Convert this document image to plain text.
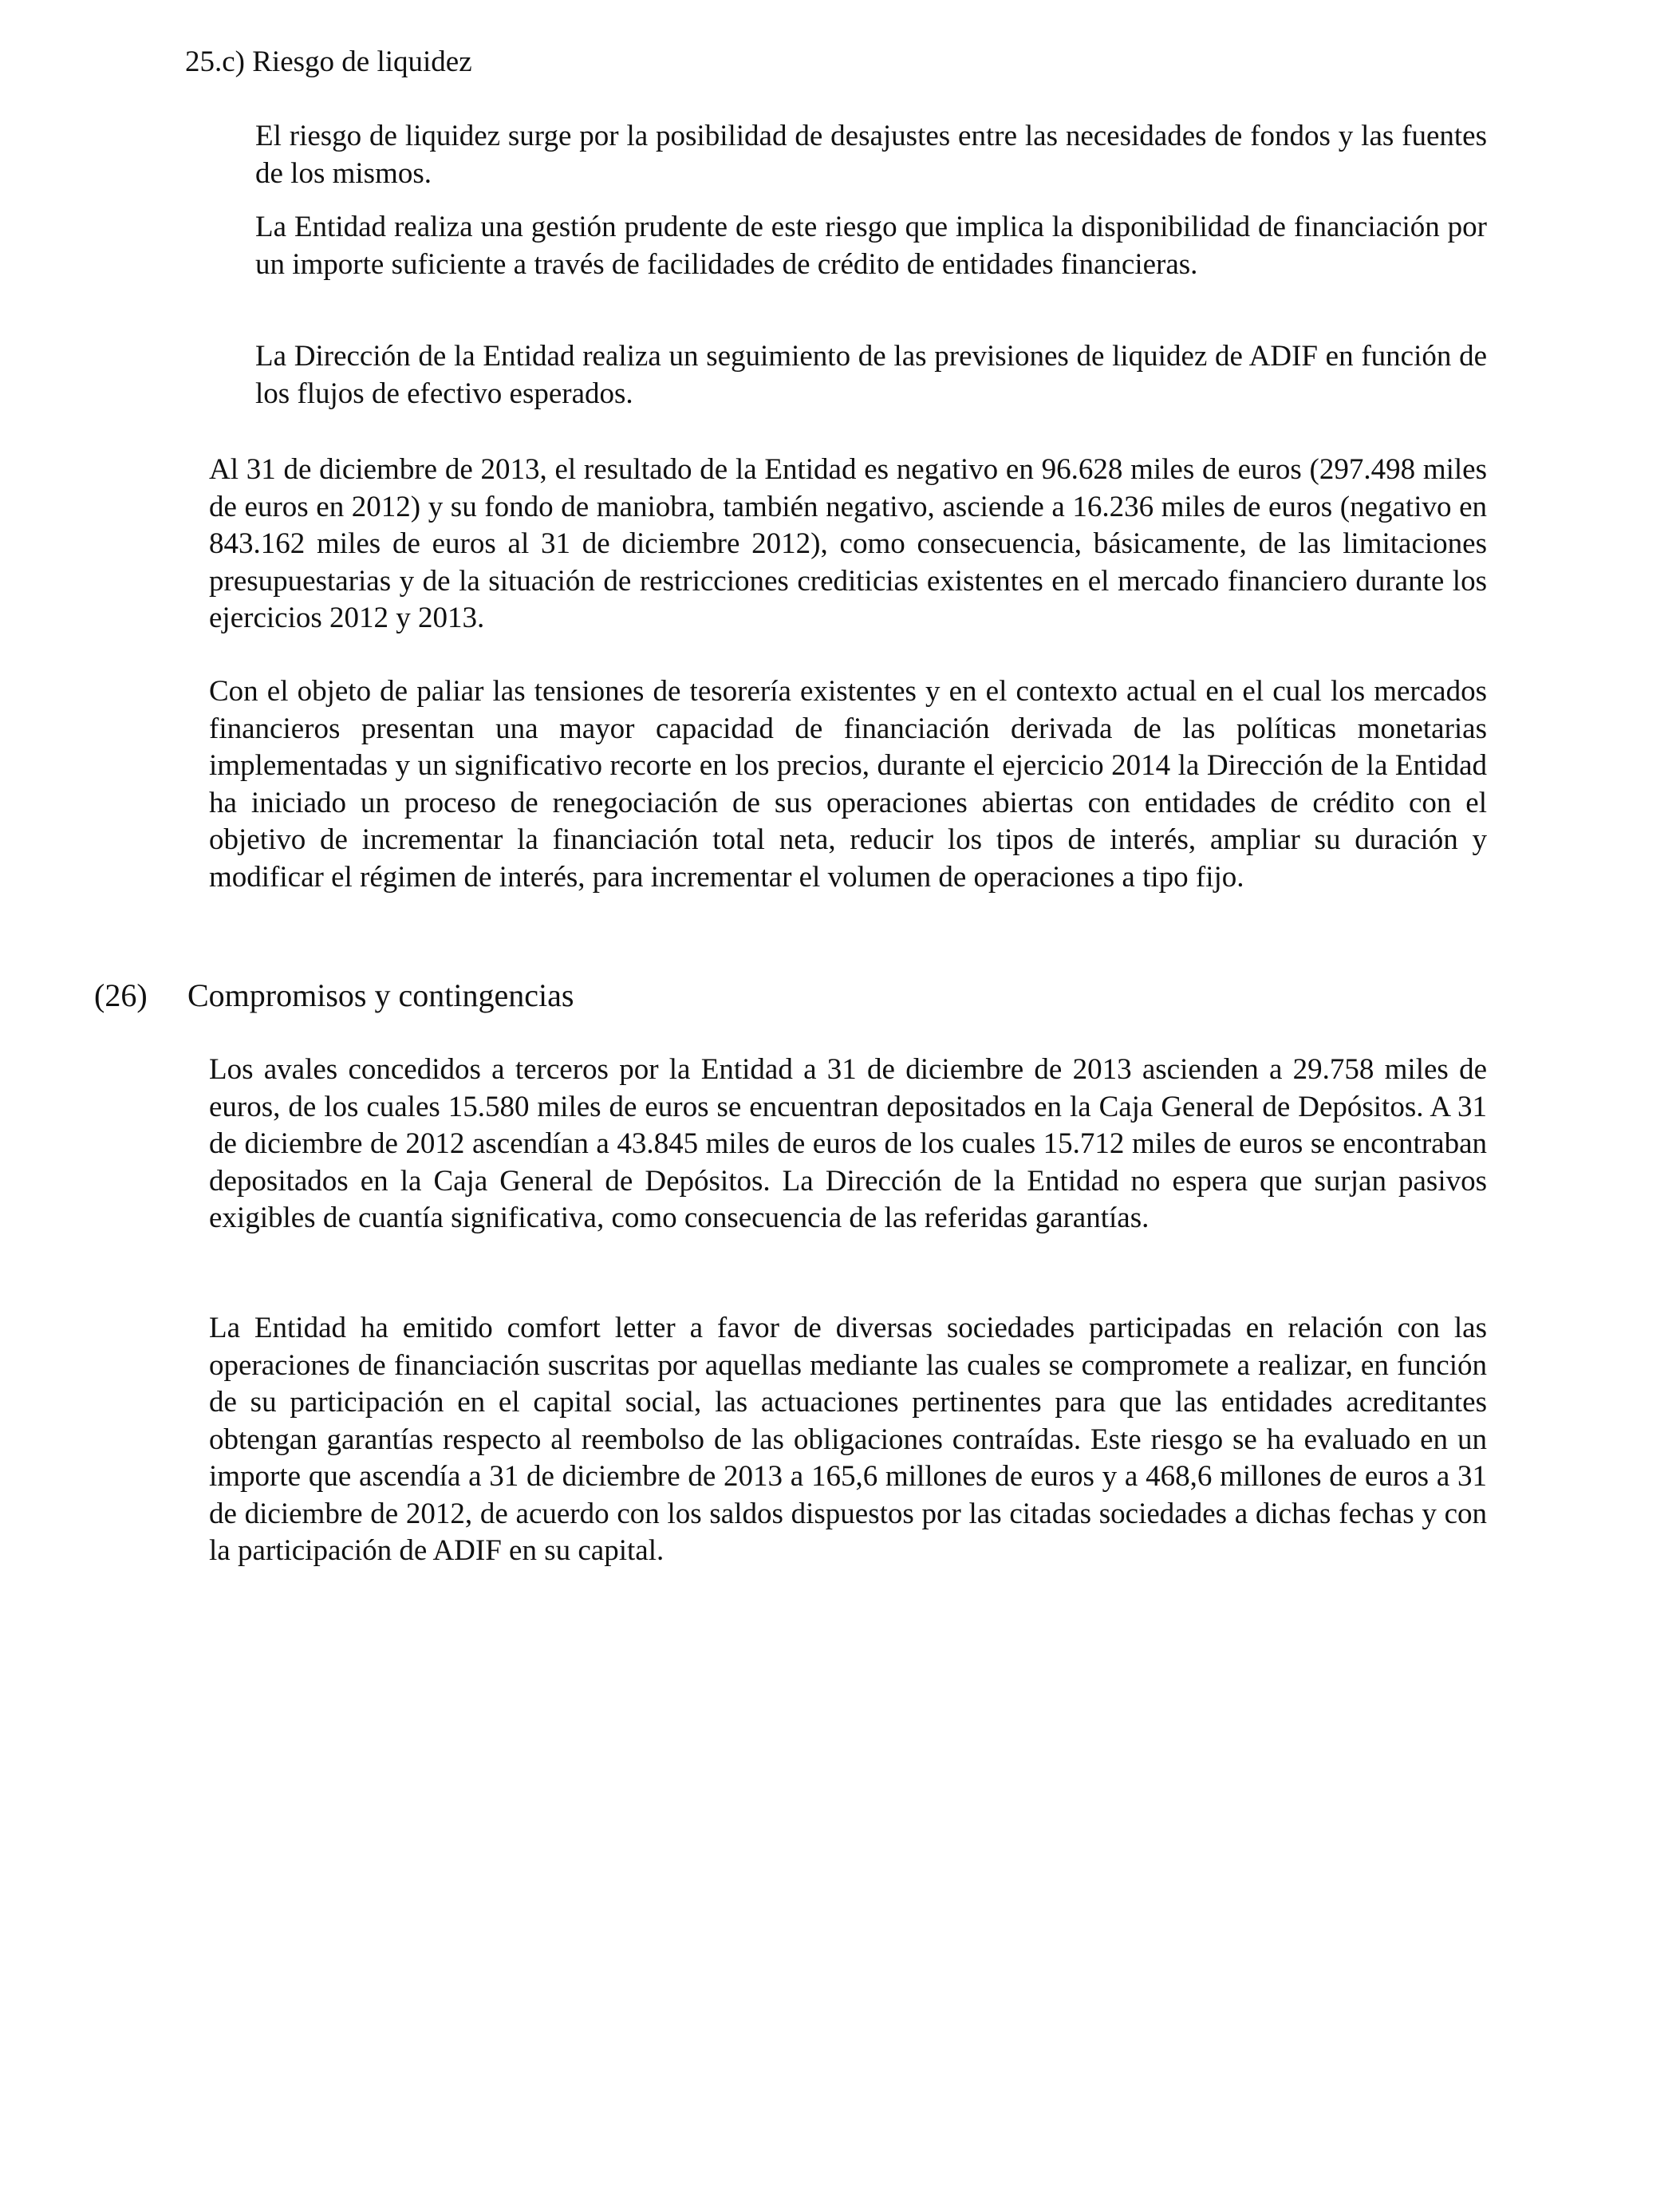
25.c) Riesgo de liquidez

El riesgo de liquidez surge por la posibilidad de desajustes entre las necesidades de fondos y las fuentes de los mismos.

La Entidad realiza una gestión prudente de este riesgo que implica la disponibilidad de financiación por un importe suficiente a través de facilidades de crédito de entidades financieras.

La Dirección de la Entidad realiza un seguimiento de las previsiones de liquidez de ADIF en función de los flujos de efectivo esperados.

Al 31 de diciembre de 2013, el resultado de la Entidad es negativo en 96.628 miles de euros (297.498 miles de euros en 2012) y su fondo de maniobra, también negativo, asciende a 16.236 miles de euros (negativo en 843.162 miles de euros al 31 de diciembre 2012), como consecuencia, básicamente, de las limitaciones presupuestarias y de la situación de restricciones crediticias existentes en el mercado financiero durante los ejercicios 2012 y 2013.

Con el objeto de paliar las tensiones de tesorería existentes y en el contexto actual en el cual los mercados financieros presentan una mayor capacidad de financiación derivada de las políticas monetarias implementadas y un significativo recorte en los precios, durante el ejercicio 2014 la Dirección de la Entidad ha iniciado un proceso de renegociación de sus operaciones abiertas con entidades de crédito con el objetivo de incrementar la financiación total neta, reducir los tipos de interés, ampliar su duración y modificar el régimen de interés, para incrementar el volumen de operaciones a tipo fijo.

(26) Compromisos y contingencias

Los avales concedidos a terceros por la Entidad a 31 de diciembre de 2013 ascienden a 29.758 miles de euros, de los cuales 15.580 miles de euros se encuentran depositados en la Caja General de Depósitos. A 31 de diciembre de 2012 ascendían a 43.845 miles de euros de los cuales 15.712 miles de euros se encontraban depositados en la Caja General de Depósitos. La Dirección de la Entidad no espera que surjan pasivos exigibles de cuantía significativa, como consecuencia de las referidas garantías.

La Entidad ha emitido comfort letter a favor de diversas sociedades participadas en relación con las operaciones de financiación suscritas por aquellas mediante las cuales se compromete a realizar, en función de su participación en el capital social, las actuaciones pertinentes para que las entidades acreditantes obtengan garantías respecto al reembolso de las obligaciones contraídas. Este riesgo se ha evaluado en un importe que ascendía a 31 de diciembre de 2013 a 165,6 millones de euros y a 468,6 millones de euros a 31 de diciembre de 2012, de acuerdo con los saldos dispuestos por las citadas sociedades a dichas fechas y con la participación de ADIF en su capital.
